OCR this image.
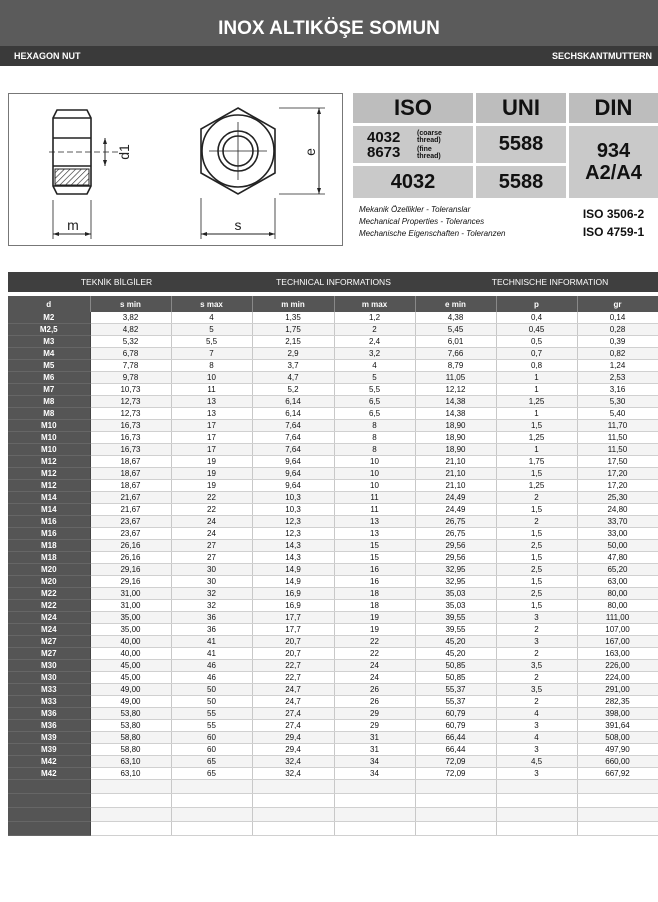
INOX ALTIKÖŞE SOMUN
HEXAGON NUT	SECHSKANTMUTTERN
m
d1
s
e
ISO	UNI	DIN
4032 (coarse thread)
8673 (fine thread)
5588	934
A2/A4
4032	5588
Mekanik Özellikler - Toleranslar
Mechanical Properties - Tolerances
Mechanische Eigenschaften - Toleranzen
ISO 3506-2
ISO 4759-1
TEKNİK BİLGİLER	TECHNICAL INFORMATIONS	TECHNISCHE INFORMATION
d	s min	s max	m min	m max	e min	p	gr
M2	3,82	4	1,35	1,2	4,38	0,4	0,14
M2,5	4,82	5	1,75	2	5,45	0,45	0,28
M3	5,32	5,5	2,15	2,4	6,01	0,5	0,39
M4	6,78	7	2,9	3,2	7,66	0,7	0,82
M5	7,78	8	3,7	4	8,79	0,8	1,24
M6	9,78	10	4,7	5	11,05	1	2,53
M7	10,73	11	5,2	5,5	12,12	1	3,16
M8	12,73	13	6,14	6,5	14,38	1,25	5,30
M8	12,73	13	6,14	6,5	14,38	1	5,40
M10	16,73	17	7,64	8	18,90	1,5	11,70
M10	16,73	17	7,64	8	18,90	1,25	11,50
M10	16,73	17	7,64	8	18,90	1	11,50
M12	18,67	19	9,64	10	21,10	1,75	17,50
M12	18,67	19	9,64	10	21,10	1,5	17,20
M12	18,67	19	9,64	10	21,10	1,25	17,20
M14	21,67	22	10,3	11	24,49	2	25,30
M14	21,67	22	10,3	11	24,49	1,5	24,80
M16	23,67	24	12,3	13	26,75	2	33,70
M16	23,67	24	12,3	13	26,75	1,5	33,00
M18	26,16	27	14,3	15	29,56	2,5	50,00
M18	26,16	27	14,3	15	29,56	1,5	47,80
M20	29,16	30	14,9	16	32,95	2,5	65,20
M20	29,16	30	14,9	16	32,95	1,5	63,00
M22	31,00	32	16,9	18	35,03	2,5	80,00
M22	31,00	32	16,9	18	35,03	1,5	80,00
M24	35,00	36	17,7	19	39,55	3	111,00
M24	35,00	36	17,7	19	39,55	2	107,00
M27	40,00	41	20,7	22	45,20	3	167,00
M27	40,00	41	20,7	22	45,20	2	163,00
M30	45,00	46	22,7	24	50,85	3,5	226,00
M30	45,00	46	22,7	24	50,85	2	224,00
M33	49,00	50	24,7	26	55,37	3,5	291,00
M33	49,00	50	24,7	26	55,37	2	282,35
M36	53,80	55	27,4	29	60,79	4	398,00
M36	53,80	55	27,4	29	60,79	3	391,64
M39	58,80	60	29,4	31	66,44	4	508,00
M39	58,80	60	29,4	31	66,44	3	497,90
M42	63,10	65	32,4	34	72,09	4,5	660,00
M42	63,10	65	32,4	34	72,09	3	667,92
